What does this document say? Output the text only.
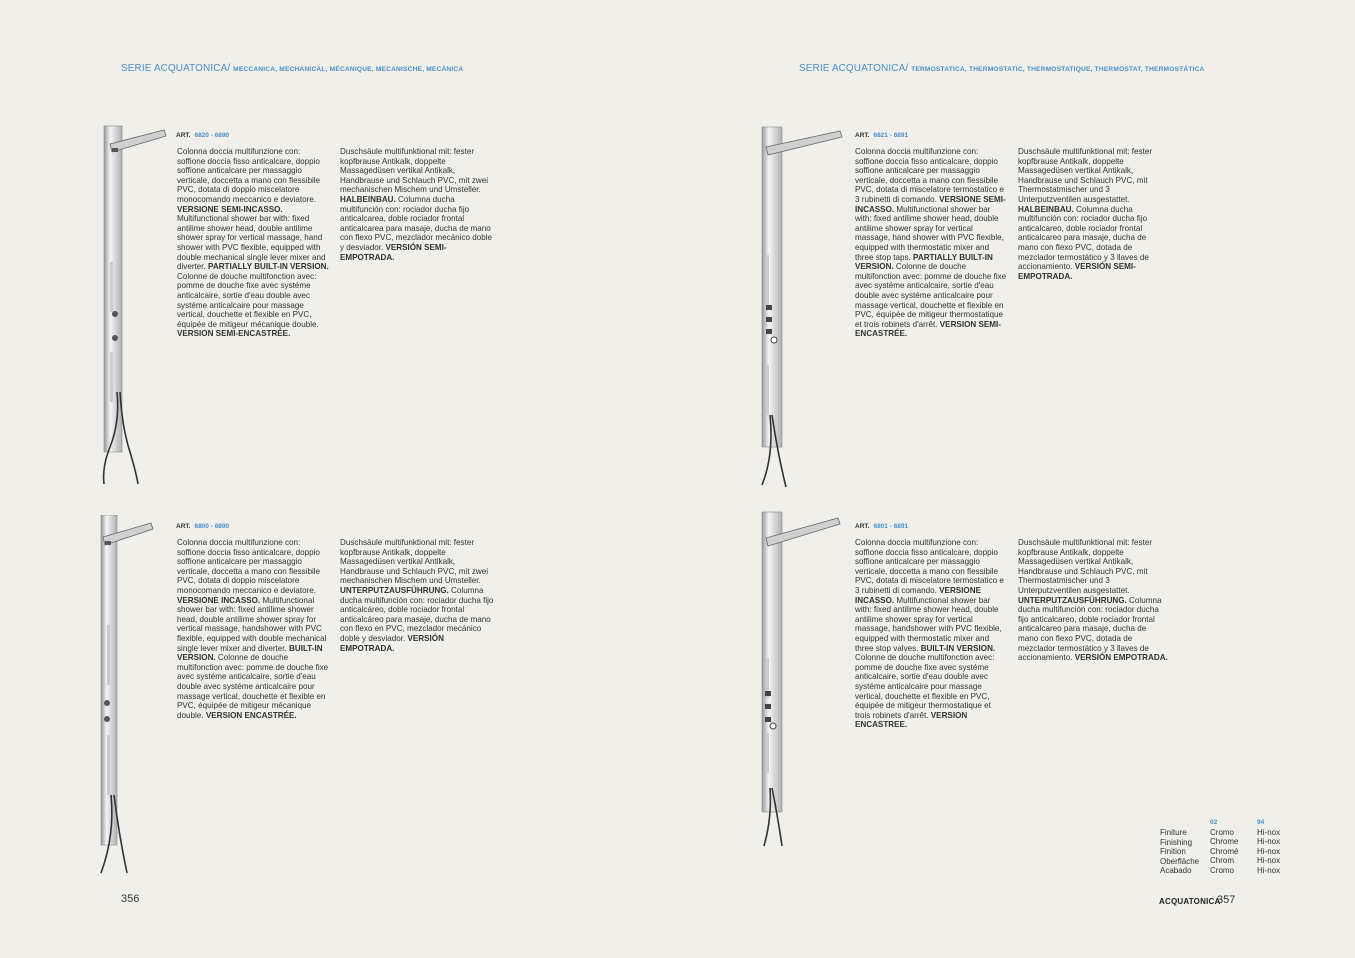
SERIE ACQUATONICA/ MECCANICA, MECHANICAL, MÉCANIQUE, MECANISCHE, MECÁNICA	SERIE ACQUATONICA/ TERMOSTATICA, THERMOSTATIC, THERMOSTATIQUE, THERMOSTAT, THERMOSTÁTICA
ART. 6820 - 6890
Colonna doccia multifunzione con: soffione doccia fisso anticalcare, doppio soffione anticalcare per massaggio verticale, doccetta a mano con flessibile PVC, dotata di doppio miscelatore monocomando meccanico e deviatore. VERSIONE SEMI-INCASSO. Multifunctional shower bar with: fixed antilime shower head, double antilime shower spray for vertical massage, hand shower with PVC flexible, equipped with double mechanical single lever mixer and diverter. PARTIALLY BUILT-IN VERSION. Colonne de douche multifonction avec: pomme de douche fixe avec systéme anticalcaire, sortie d'eau double avec systéme anticalcaire pour massage vertical, douchette et flexible en PVC, équipée de mitigeur mécanique double. VERSION SEMI-ENCASTRÉE.
Duschsäule multifunktional mit: fester kopfbrause Antikalk, doppelte Massagedüsen vertikal Antikalk, Handbrause und Schlauch PVC, mit zwei mechanischen Mischem und Umsteller. HALBEINBAU. Columna ducha multifunción con: rociador ducha fijo anticalcarea, doble rociador frontal anticalcarea para masaje, ducha de mano con flexo PVC, mezclador mecánico doble y desviador. VERSIÓN SEMI-EMPOTRADA.
ART. 6800 - 6890
Colonna doccia multifunzione con: soffione doccia fisso anticalcare, doppio soffione anticalcare per massaggio verticale, doccetta a mano con flessibile PVC, dotata di doppio miscelatore monocomando meccanico e deviatore. VERSIONE INCASSO. Multifunctional shower bar with: fixed antilime shower head, double antilime shower spray for vertical massage, handshower with PVC flexible, equipped with double mechanical single lever mixer and diverter. BUILT-IN VERSION. Colonne de douche multifonction avec: pomme de douche fixe avec systéme anticalcaire, sortie d'eau double avec systéme anticalcaire pour massage vertical, douchette et flexible en PVC, équipée de mitigeur mécanique double. VERSION ENCASTRÉE.
Duschsäule multifunktional mit: fester kopfbrause Antikalk, doppelte Massagedüsen vertikal Antikalk, Handbrause und Schlauch PVC, mit zwei mechanischen Mischem und Umsteller. UNTERPUTZAUSFÜHRUNG. Columna ducha multifunción con: rociador ducha fijo anticalcáreo, doble rociador frontal anticalcáreo para masaje, ducha de mano con flexo en PVC, mezclador mecánico doble y desviador. VERSIÓN EMPOTRADA.
ART. 6821 - 6891
Colonna doccia multifunzione con: soffione doccia fisso anticalcare, doppio soffione anticalcare per massaggio verticale, doccetta a mano con flessibile PVC, dotata di miscelatore termostatico e 3 rubinetti di comando. VERSIONE SEMI-INCASSO. Multifunctional shower bar with: fixed antilime shower head, double antilime shower spray for vertical massage, hand shower with PVC flexible, equipped with thermostatic mixer and three stop taps. PARTIALLY BUILT-IN VERSION. Colonne de douche multifonction avec: pomme de douche fixe avec systéme anticalcaire, sortie d'eau double avec systéme anticalcaire pour massage vertical, douchette et flexible en PVC, équipée de mitigeur thermostatique et trois robinets d'arrêt. VERSION SEMI-ENCASTRÉE.
Duschsäule multifunktional mit: fester kopfbrause Antikalk, doppelte Massagedüsen vertikal Antikalk, Handbrause und Schlauch PVC, mit Thermostatmischer und 3 Unterputzventilen ausgestattet. HALBEINBAU. Columna ducha multifunción con: rociador ducha fijo anticalcareo, doble rociador frontal anticalcareo para masaje, ducha de mano con flexo PVC, dotada de mezclador termostático y 3 llaves de accionamiento. VERSIÓN SEMI-EMPOTRADA.
ART. 6801 - 6891
Colonna doccia multifunzione con: soffione doccia fisso anticalcare, doppio soffione anticalcare per massaggio verticale, doccetta a mano con flessibile PVC, dotata di miscelatore termostatico e 3 rubinetti di comando. VERSIONE INCASSO. Multifunctional shower bar with: fixed antilime shower head, double antilime shower spray for vertical massage, handshower with PVC flexible, equipped with thermostatic mixer and three stop valves. BUILT-IN VERSION. Colonne de douche multifonction avec: pomme de douche fixe avec systéme anticalcaire, sortie d'eau double avec systéme anticalcaire pour massage vertical, douchette et flexible en PVC, équipée de mitigeur thermostatique et trois robinets d'arrêt. VERSION ENCASTREE.
Duschsäule multifunktional mit: fester kopfbrause Antikalk, doppelte Massagedüsen vertikal Antikalk, Handbrause und Schlauch PVC, mit Thermostatmischer und 3 Unterputzventilen ausgestattet. UNTERPUTZAUSFÜHRUNG. Columna ducha multifunción con: rociador ducha fijo anticalcareo, doble rociador frontal anticalcareo para masaje, ducha de mano con flexo PVC, dotada de mezclador termostático y 3 llaves de accionamiento. VERSIÓN EMPOTRADA.
Finiture
Finishing
Finition
Oberfläche
Acabado
02
Cromo
Chrome
Chromé
Chrom
Cromo
94
Hi-nox
Hi-nox
Hi-nox
Hi-nox
Hi-nox
356	ACQUATONICA
357
